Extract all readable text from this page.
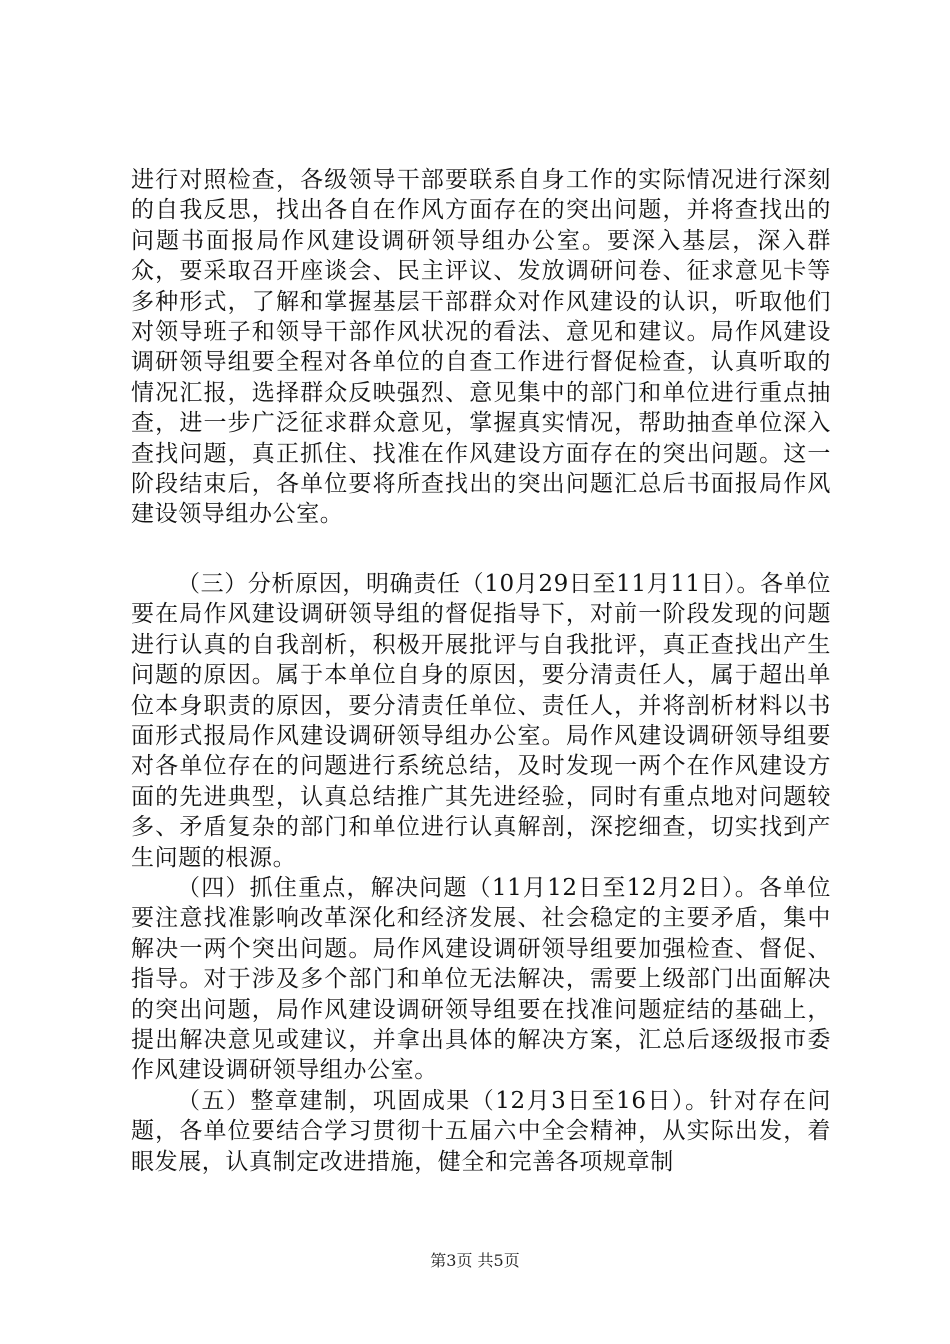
进行对照检查，各级领导干部要联系自身工作的实际情况进行深刻的自我反思，找出各自在作风方面存在的突出问题，并将查找出的问题书面报局作风建设调研领导组办公室。要深入基层，深入群众，要采取召开座谈会、民主评议、发放调研问卷、征求意见卡等多种形式，了解和掌握基层干部群众对作风建设的认识，听取他们对领导班子和领导干部作风状况的看法、意见和建议。局作风建设调研领导组要全程对各单位的自查工作进行督促检查，认真听取的情况汇报，选择群众反映强烈、意见集中的部门和单位进行重点抽查，进一步广泛征求群众意见，掌握真实情况，帮助抽查单位深入查找问题，真正抓住、找准在作风建设方面存在的突出问题。这一阶段结束后，各单位要将所查找出的突出问题汇总后书面报局作风建设领导组办公室。

（三）分析原因，明确责任（10月29日至11月11日）。各单位要在局作风建设调研领导组的督促指导下，对前一阶段发现的问题进行认真的自我剖析，积极开展批评与自我批评，真正查找出产生问题的原因。属于本单位自身的原因，要分清责任人，属于超出单位本身职责的原因，要分清责任单位、责任人，并将剖析材料以书面形式报局作风建设调研领导组办公室。局作风建设调研领导组要对各单位存在的问题进行系统总结，及时发现一两个在作风建设方面的先进典型，认真总结推广其先进经验，同时有重点地对问题较多、矛盾复杂的部门和单位进行认真解剖，深挖细查，切实找到产生问题的根源。

（四）抓住重点，解决问题（11月12日至12月2日）。各单位要注意找准影响改革深化和经济发展、社会稳定的主要矛盾，集中解决一两个突出问题。局作风建设调研领导组要加强检查、督促、指导。对于涉及多个部门和单位无法解决，需要上级部门出面解决的突出问题，局作风建设调研领导组要在找准问题症结的基础上，提出解决意见或建议，并拿出具体的解决方案，汇总后逐级报市委作风建设调研领导组办公室。

（五）整章建制，巩固成果（12月3日至16日）。针对存在问题，各单位要结合学习贯彻十五届六中全会精神，从实际出发，着眼发展，认真制定改进措施，健全和完善各项规章制

第3页 共5页
